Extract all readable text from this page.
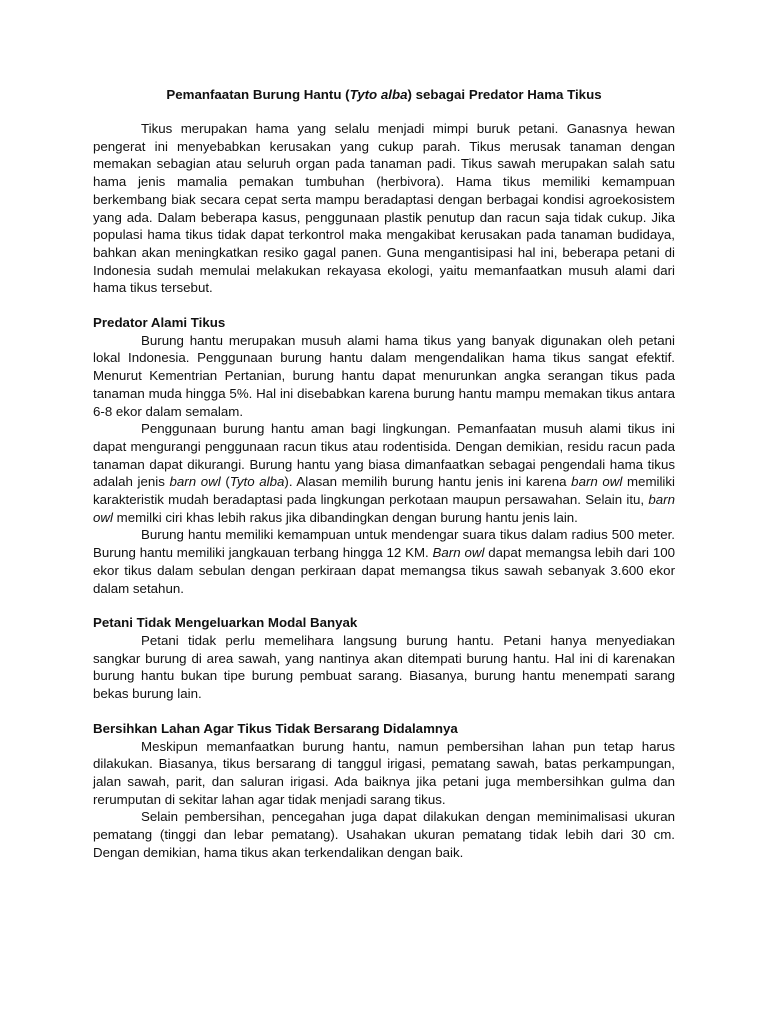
Pemanfaatan Burung Hantu (Tyto alba) sebagai Predator Hama Tikus

Tikus merupakan hama yang selalu menjadi mimpi buruk petani. Ganasnya hewan pengerat ini menyebabkan kerusakan yang cukup parah. Tikus merusak tanaman dengan memakan sebagian atau seluruh organ pada tanaman padi. Tikus sawah merupakan salah satu hama jenis mamalia pemakan tumbuhan (herbivora). Hama tikus memiliki kemampuan berkembang biak secara cepat serta mampu beradaptasi dengan berbagai kondisi agroekosistem yang ada. Dalam beberapa kasus, penggunaan plastik penutup dan racun saja tidak cukup. Jika populasi hama tikus tidak dapat terkontrol maka mengakibat kerusakan pada tanaman budidaya, bahkan akan meningkatkan resiko gagal panen. Guna mengantisipasi hal ini, beberapa petani di Indonesia sudah memulai melakukan rekayasa ekologi, yaitu memanfaatkan musuh alami dari hama tikus tersebut.

Predator Alami Tikus

Burung hantu merupakan musuh alami hama tikus yang banyak digunakan oleh petani lokal Indonesia. Penggunaan burung hantu dalam mengendalikan hama tikus sangat efektif. Menurut Kementrian Pertanian, burung hantu dapat menurunkan angka serangan tikus pada tanaman muda hingga 5%. Hal ini disebabkan karena burung hantu mampu memakan tikus antara 6-8 ekor dalam semalam.

Penggunaan burung hantu aman bagi lingkungan. Pemanfaatan musuh alami tikus ini dapat mengurangi penggunaan racun tikus atau rodentisida. Dengan demikian, residu racun pada tanaman dapat dikurangi. Burung hantu yang biasa dimanfaatkan sebagai pengendali hama tikus adalah jenis barn owl (Tyto alba). Alasan memilih burung hantu jenis ini karena barn owl memiliki karakteristik mudah beradaptasi pada lingkungan perkotaan maupun persawahan. Selain itu, barn owl memilki ciri khas lebih rakus jika dibandingkan dengan burung hantu jenis lain.

Burung hantu memiliki kemampuan untuk mendengar suara tikus dalam radius 500 meter. Burung hantu memiliki jangkauan terbang hingga 12 KM. Barn owl dapat memangsa lebih dari 100 ekor tikus dalam sebulan dengan perkiraan dapat memangsa tikus sawah sebanyak 3.600 ekor dalam setahun.

Petani Tidak Mengeluarkan Modal Banyak

Petani tidak perlu memelihara langsung burung hantu. Petani hanya menyediakan sangkar burung di area sawah, yang nantinya akan ditempati burung hantu. Hal ini di karenakan burung hantu bukan tipe burung pembuat sarang. Biasanya, burung hantu menempati sarang bekas burung lain.

Bersihkan Lahan Agar Tikus Tidak Bersarang Didalamnya

Meskipun memanfaatkan burung hantu, namun pembersihan lahan pun tetap harus dilakukan. Biasanya, tikus bersarang di tanggul irigasi, pematang sawah, batas perkampungan, jalan sawah, parit, dan saluran irigasi. Ada baiknya jika petani juga membersihkan gulma dan rerumputan di sekitar lahan agar tidak menjadi sarang tikus.

Selain pembersihan, pencegahan juga dapat dilakukan dengan meminimalisasi ukuran pematang (tinggi dan lebar pematang). Usahakan ukuran pematang tidak lebih dari 30 cm. Dengan demikian, hama tikus akan terkendalikan dengan baik.
